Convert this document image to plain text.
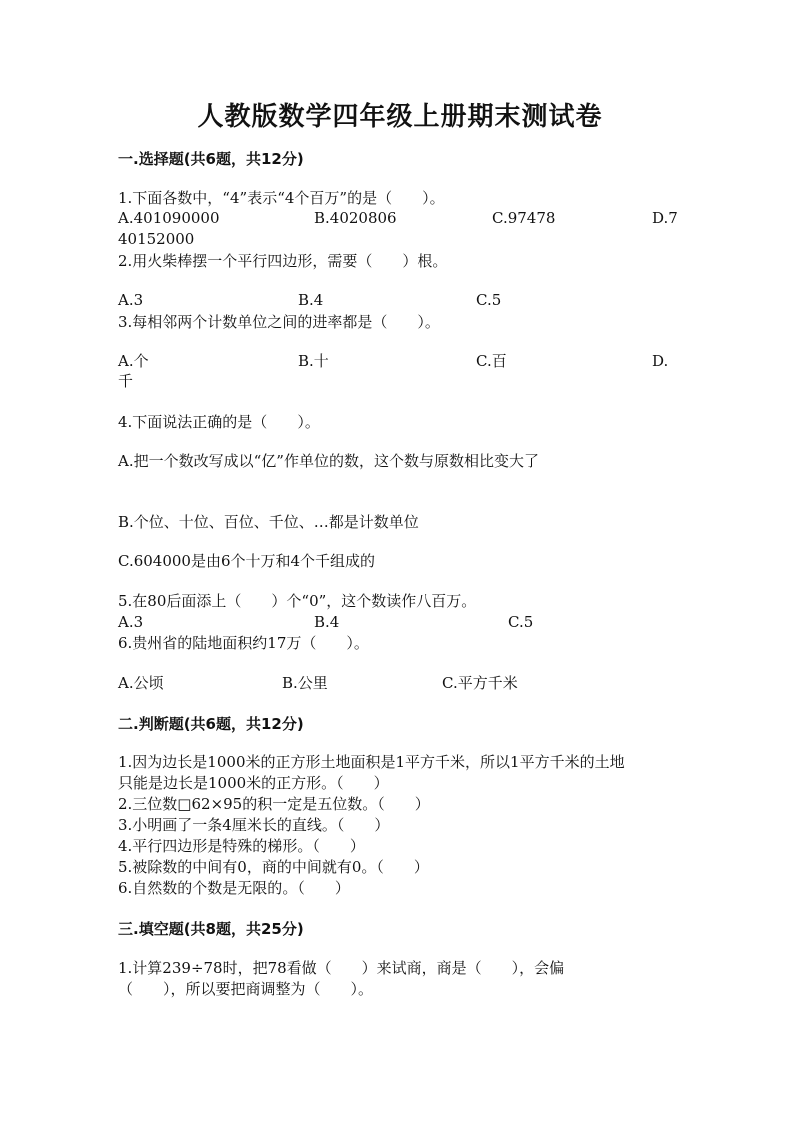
人教版数学四年级上册期末测试卷
一.选择题(共6题，共12分)
1.下面各数中，“4”表示“4个百万”的是（　　）。
A.401090000	B.4020806	C.97478	D.7
40152000
2.用火柴棒摆一个平行四边形，需要（　　）根。
A.3	B.4	C.5
3.每相邻两个计数单位之间的进率都是（　　）。
A.个	B.十	C.百	D.
千
4.下面说法正确的是（　　）。
A.把一个数改写成以“亿”作单位的数，这个数与原数相比变大了
B.个位、十位、百位、千位、…都是计数单位
C.604000是由6个十万和4个千组成的
5.在80后面添上（　　）个“0”，这个数读作八百万。
A.3	B.4	C.5
6.贵州省的陆地面积约17万（　　）。
A.公顷	B.公里	C.平方千米
二.判断题(共6题，共12分)
1.因为边长是1000米的正方形土地面积是1平方千米，所以1平方千米的土地
只能是边长是1000米的正方形。（　　）
2.三位数□62×95的积一定是五位数。（　　）
3.小明画了一条4厘米长的直线。（　　）
4.平行四边形是特殊的梯形。（　　）
5.被除数的中间有0，商的中间就有0。（　　）
6.自然数的个数是无限的。（　　）
三.填空题(共8题，共25分)
1.计算239÷78时，把78看做（　　）来试商，商是（　　），会偏
（　　），所以要把商调整为（　　）。
